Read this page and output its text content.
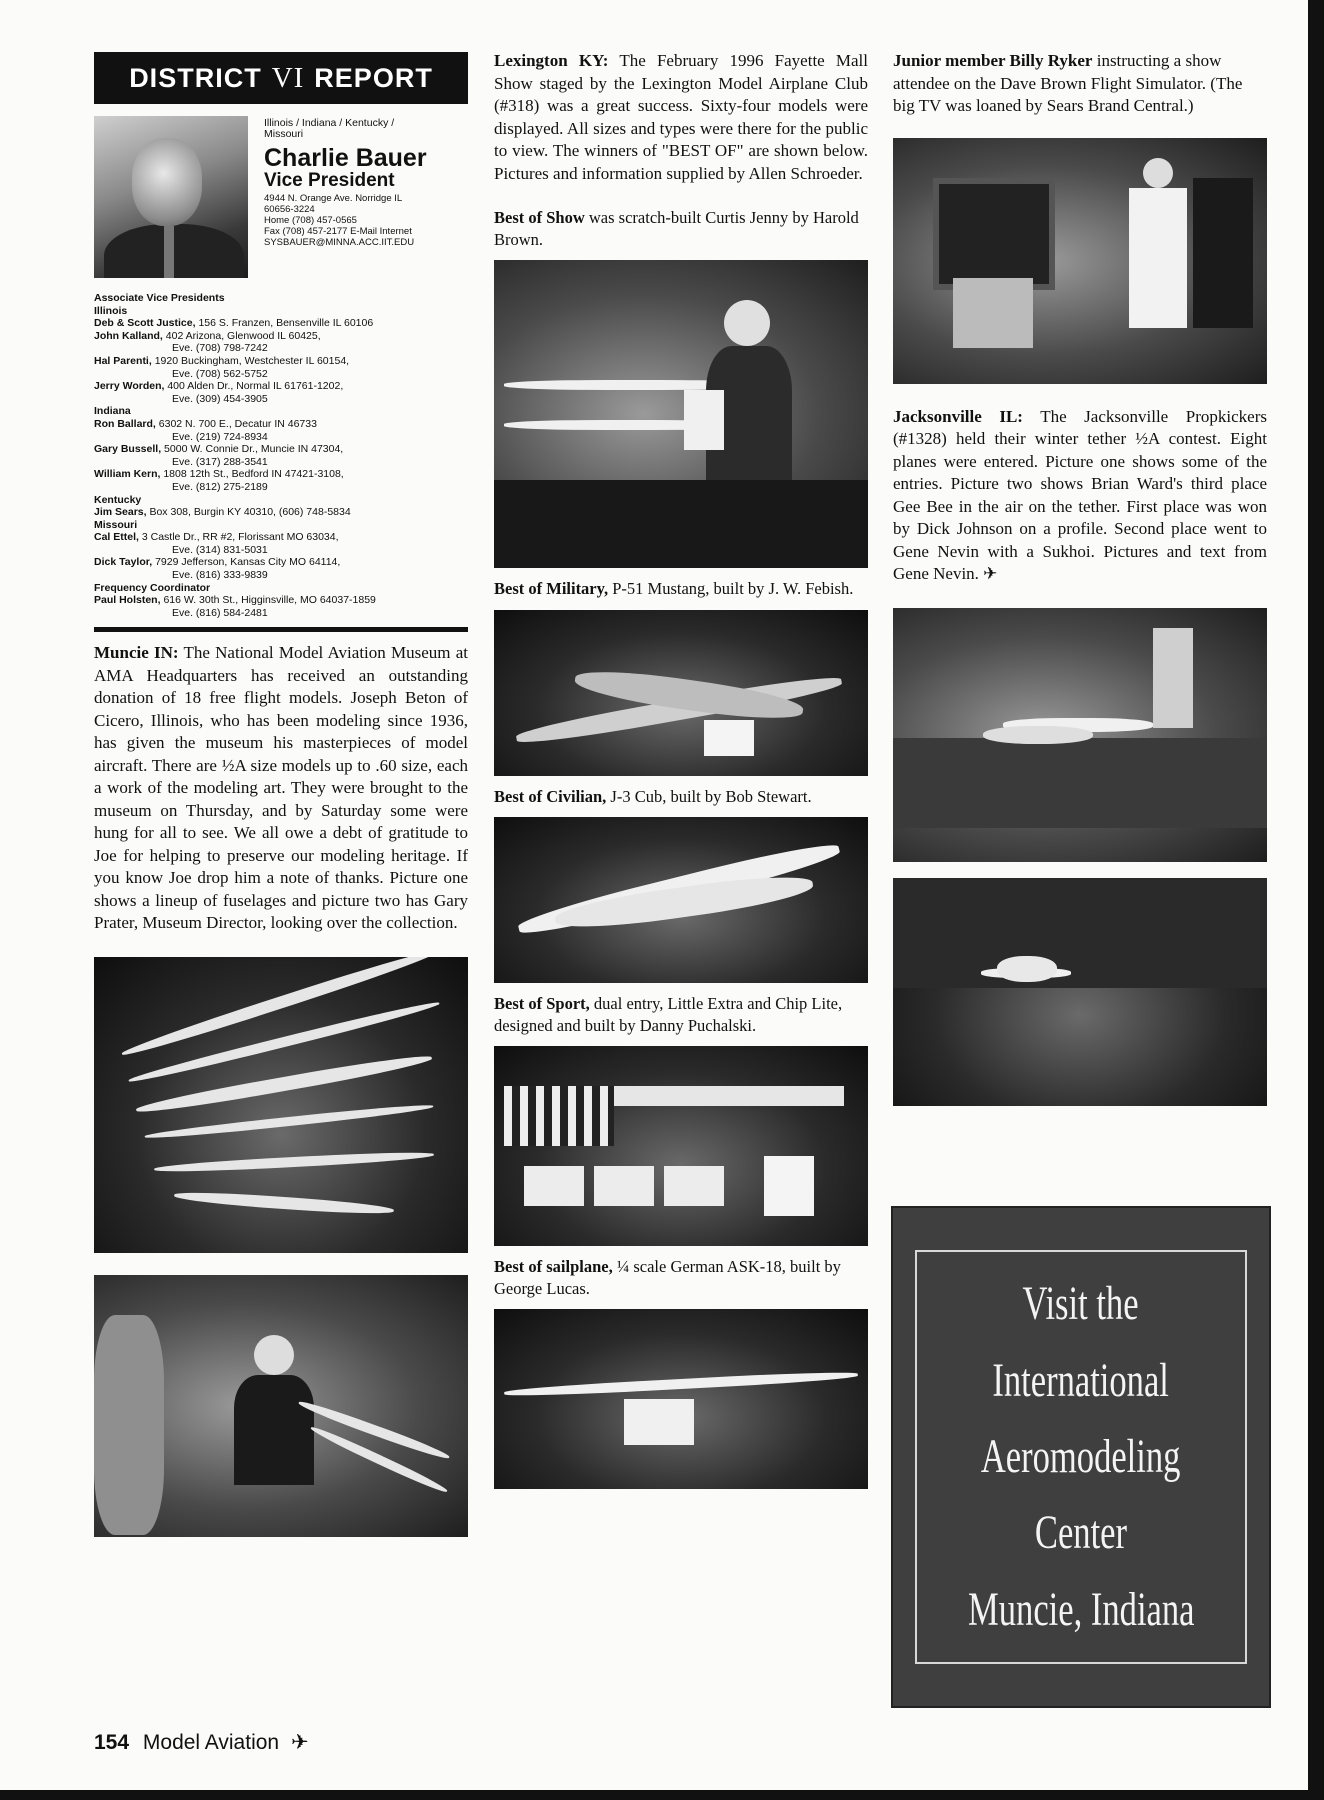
DISTRICT VI REPORT
Illinois / Indiana / Kentucky / Missouri
Charlie Bauer
Vice President
4944 N. Orange Ave. Norridge IL
60656-3224
Home (708) 457-0565
Fax (708) 457-2177 E-Mail Internet
SYSBAUER@MINNA.ACC.IIT.EDU
Associate Vice Presidents
Illinois
Deb & Scott Justice, 156 S. Franzen, Bensenville IL 60106
John Kalland, 402 Arizona, Glenwood IL 60425,
Eve. (708) 798-7242
Hal Parenti, 1920 Buckingham, Westchester IL 60154,
Eve. (708) 562-5752
Jerry Worden, 400 Alden Dr., Normal IL 61761-1202,
Eve. (309) 454-3905
Indiana
Ron Ballard, 6302 N. 700 E., Decatur IN 46733
Eve. (219) 724-8934
Gary Bussell, 5000 W. Connie Dr., Muncie IN 47304,
Eve. (317) 288-3541
William Kern, 1808 12th St., Bedford IN 47421-3108,
Eve. (812) 275-2189
Kentucky
Jim Sears, Box 308, Burgin KY 40310, (606) 748-5834
Missouri
Cal Ettel, 3 Castle Dr., RR #2, Florissant MO 63034,
Eve. (314) 831-5031
Dick Taylor, 7929 Jefferson, Kansas City MO 64114,
Eve. (816) 333-9839
Frequency Coordinator
Paul Holsten, 616 W. 30th St., Higginsville, MO 64037-1859
Eve. (816) 584-2481
Muncie IN: The National Model Aviation Museum at AMA Headquarters has received an outstanding donation of 18 free flight models. Joseph Beton of Cicero, Illinois, who has been modeling since 1936, has given the museum his masterpieces of model aircraft. There are ½A size models up to .60 size, each a work of the modeling art. They were brought to the museum on Thursday, and by Saturday some were hung for all to see. We all owe a debt of gratitude to Joe for helping to preserve our modeling heritage. If you know Joe drop him a note of thanks. Picture one shows a lineup of fuselages and picture two has Gary Prater, Museum Director, looking over the collection.
Lexington KY: The February 1996 Fayette Mall Show staged by the Lexington Model Airplane Club (#318) was a great success. Sixty-four models were displayed. All sizes and types were there for the public to view. The winners of "BEST OF" are shown below. Pictures and information supplied by Allen Schroeder.
Best of Show was scratch-built Curtis Jenny by Harold Brown.
Best of Military, P-51 Mustang, built by J. W. Febish.
Best of Civilian, J-3 Cub, built by Bob Stewart.
Best of Sport, dual entry, Little Extra and Chip Lite, designed and built by Danny Puchalski.
Best of sailplane, ¼ scale German ASK-18, built by George Lucas.
Junior member Billy Ryker instructing a show attendee on the Dave Brown Flight Simulator. (The big TV was loaned by Sears Brand Central.)
Jacksonville IL: The Jacksonville Propkickers (#1328) held their winter tether ½A contest. Eight planes were entered. Picture one shows some of the entries. Picture two shows Brian Ward's third place Gee Bee in the air on the tether. First place was won by Dick Johnson on a profile. Second place went to Gene Nevin with a Sukhoi. Pictures and text from Gene Nevin. ✈
Visit the
International
Aeromodeling
Center
Muncie, Indiana
154 Model Aviation ✈
